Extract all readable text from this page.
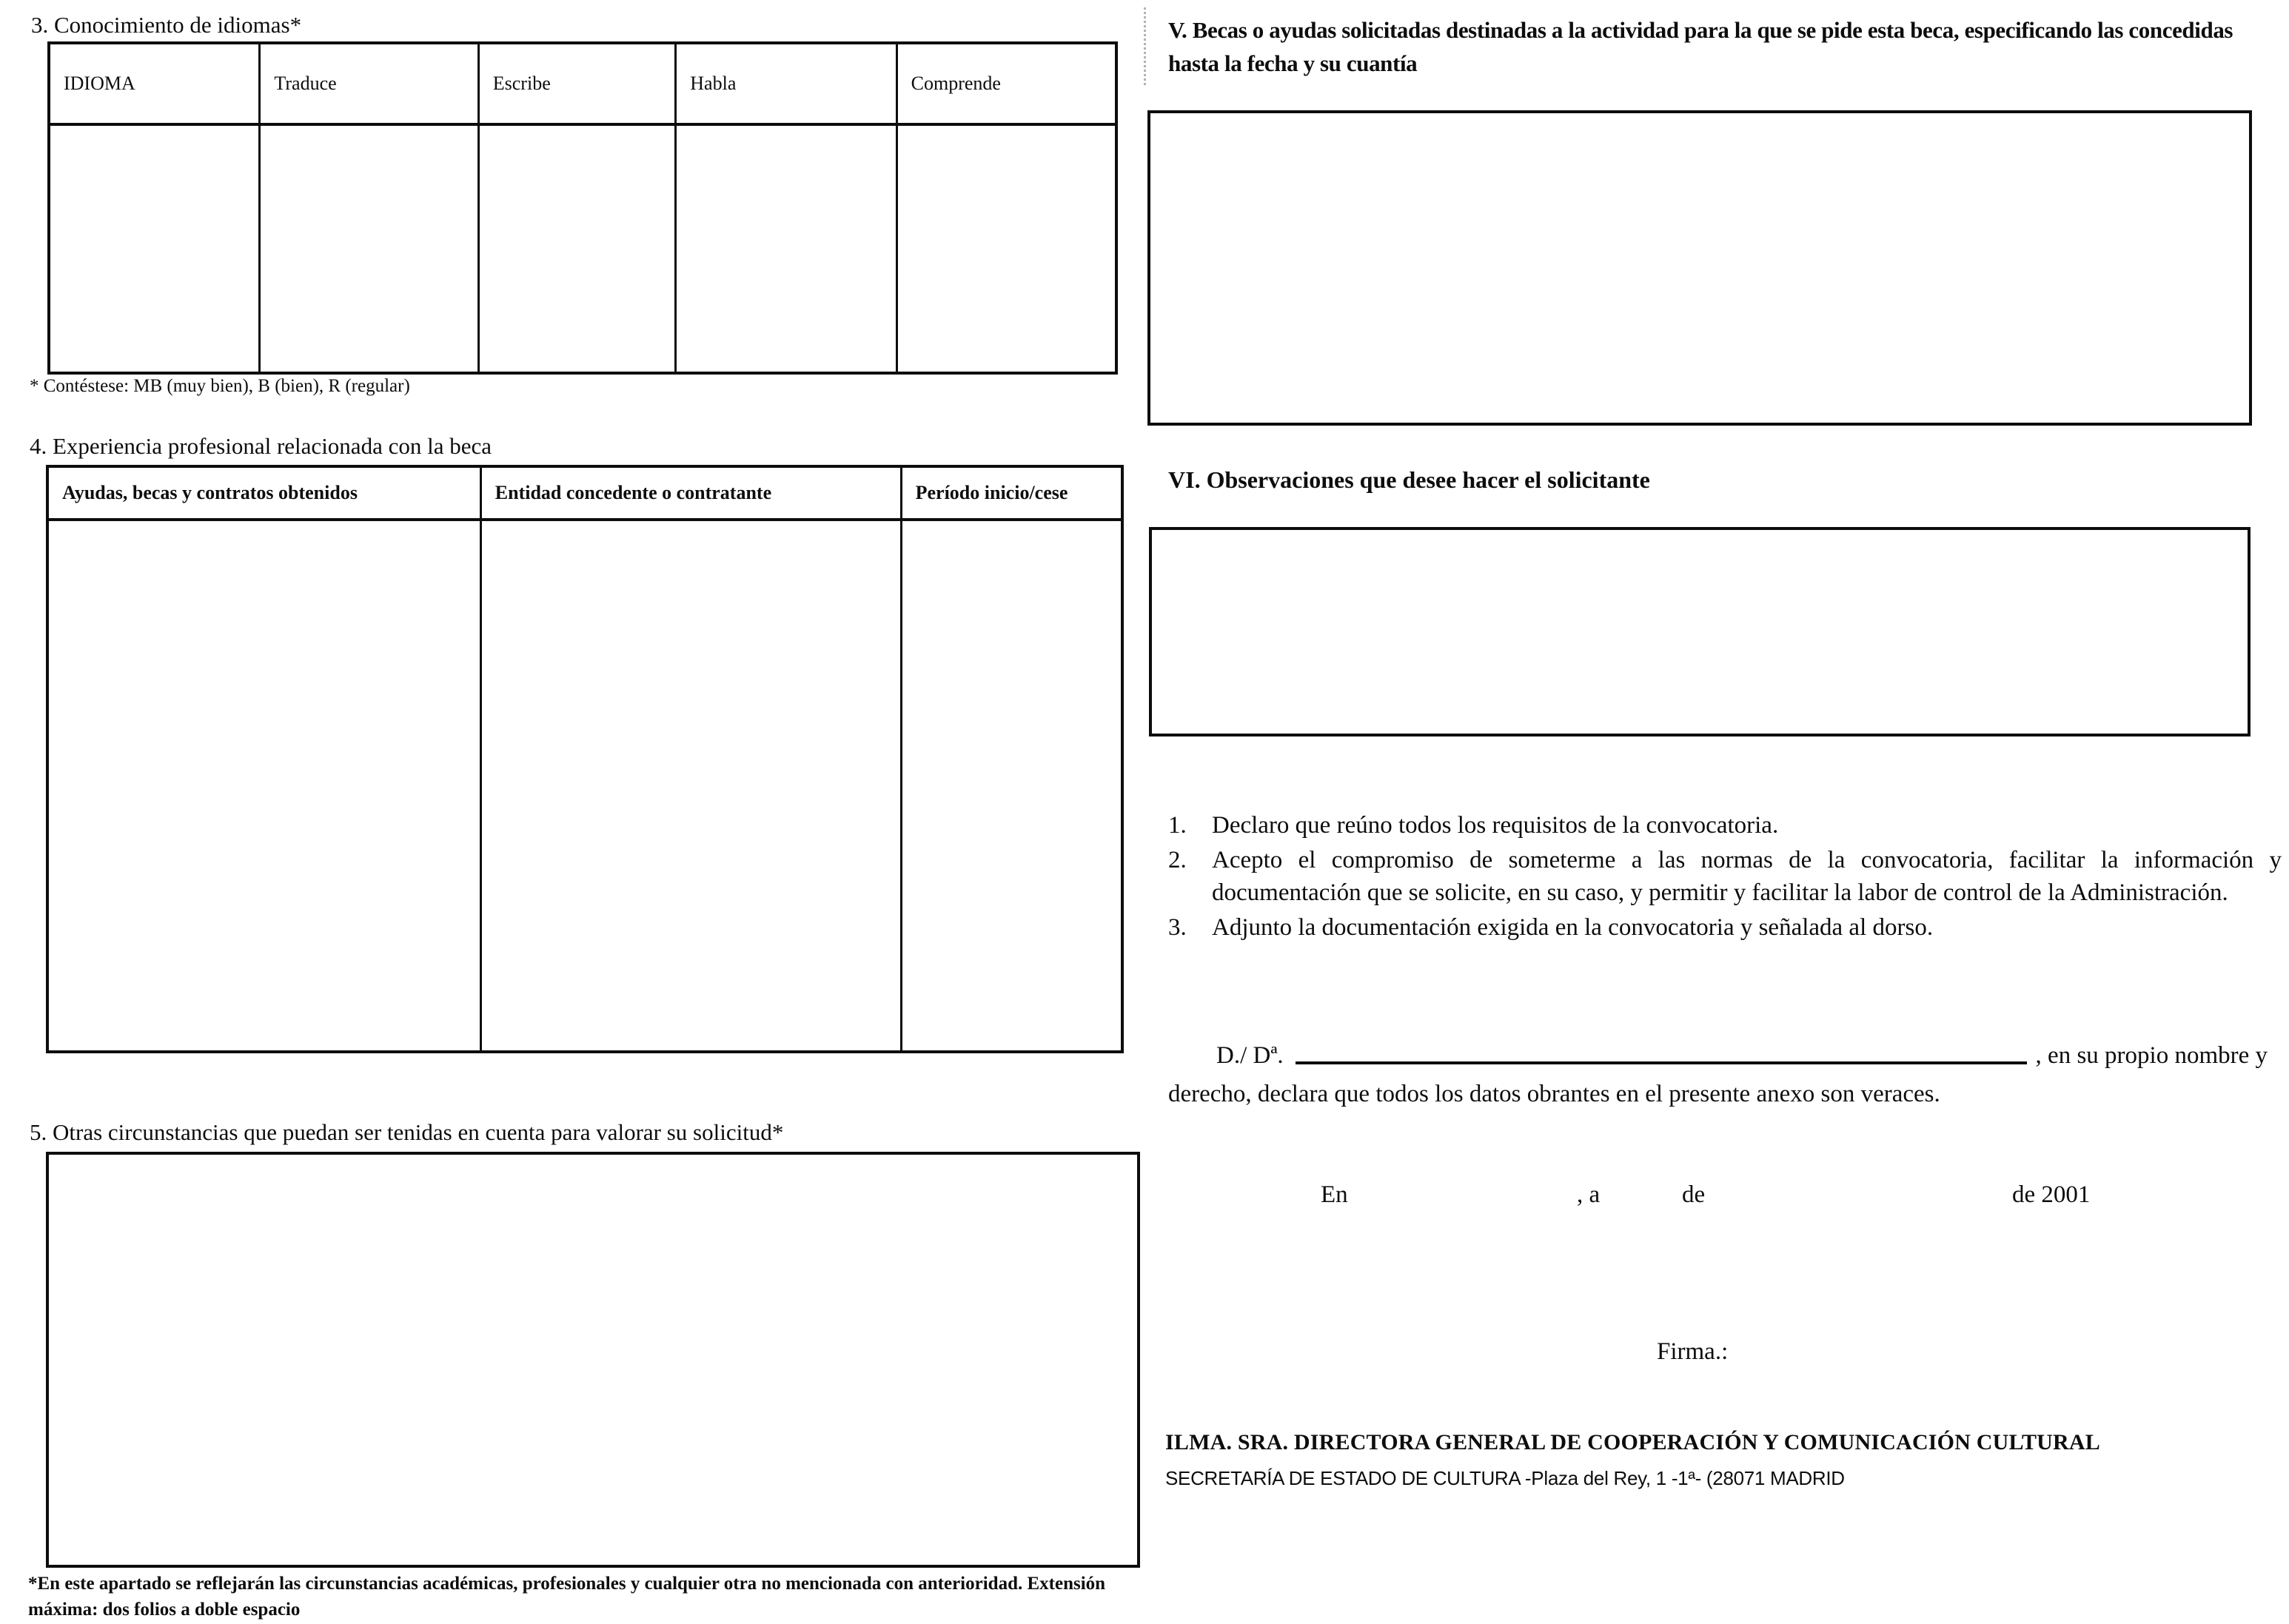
3. Conocimiento de idiomas*
IDIOMA	Traduce	Escribe	Habla	Comprende
* Contéstese: MB (muy bien), B (bien), R (regular)
4. Experiencia profesional relacionada con la beca
Ayudas, becas y contratos obtenidos	Entidad concedente o contratante	Período inicio/cese
5. Otras circunstancias que puedan ser tenidas en cuenta para valorar su solicitud*
*En este apartado se reflejarán las circunstancias académicas, profesionales y cualquier otra no mencionada con anterioridad. Extensión máxima: dos folios a doble espacio
V. Becas o ayudas solicitadas destinadas a la actividad para la que se pide esta beca, especificando las concedidas hasta la fecha y su cuantía
VI. Observaciones que desee hacer el solicitante
1.	Declaro que reúno todos los requisitos de la convocatoria.
2.	Acepto el compromiso de someterme a las normas de la convocatoria, facilitar la información y documentación que se solicite, en su caso, y permitir y facilitar la labor de control de la Administración.
3.	Adjunto la documentación exigida en la convocatoria y señalada al dorso.
D./ Dª.	, en su propio nombre y
derecho, declara que todos los datos obrantes en el presente anexo son veraces.
En	, a	de	de 2001
Firma.:
ILMA. SRA. DIRECTORA GENERAL DE COOPERACIÓN Y COMUNICACIÓN CULTURAL
SECRETARÍA DE ESTADO DE CULTURA -Plaza del Rey, 1 -1ª- (28071 MADRID
